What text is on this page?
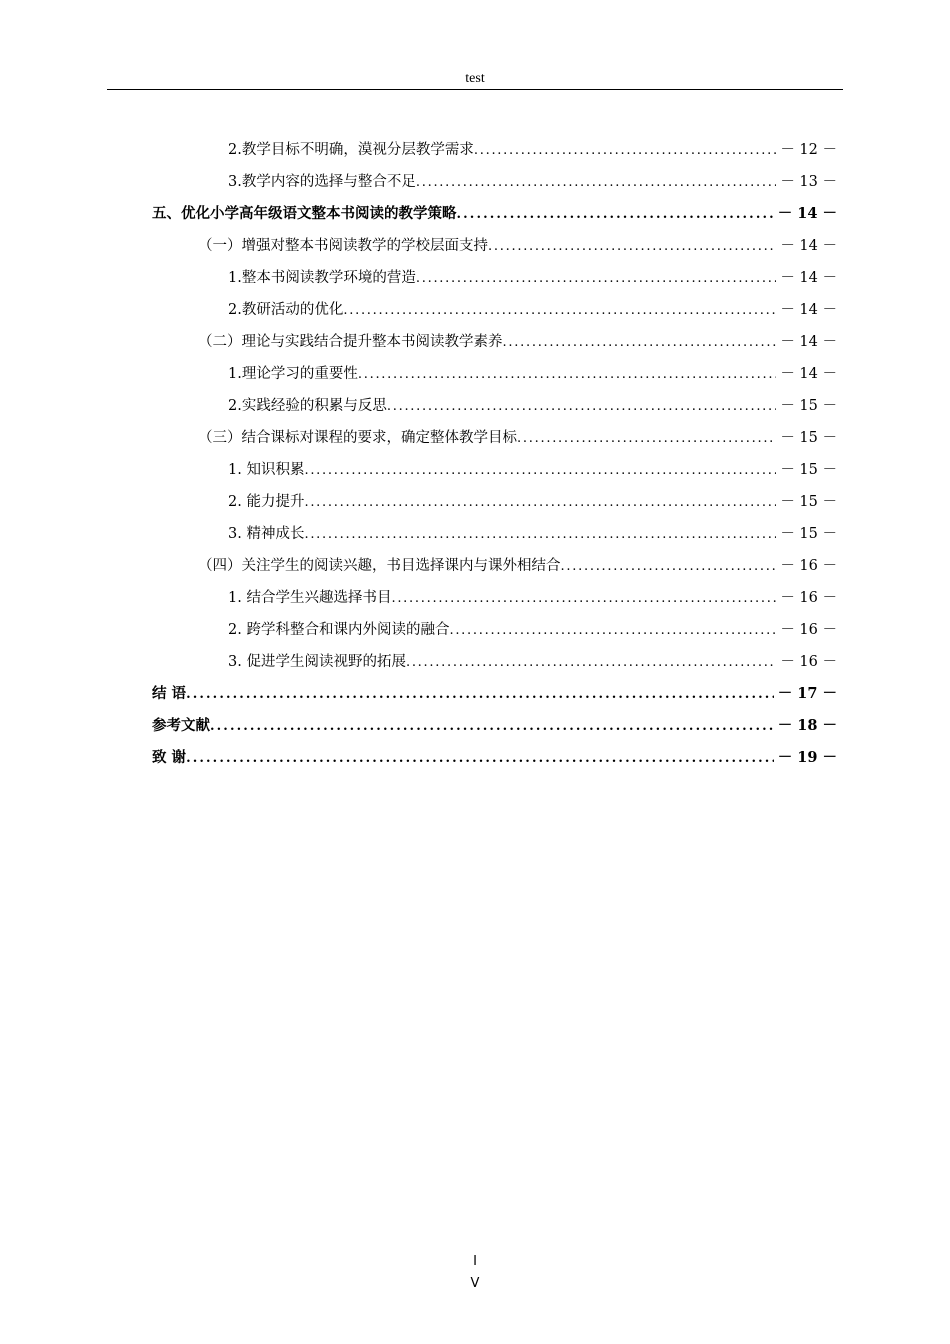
test
2.教学目标不明确，漠视分层教学需求 . . .	－ 12 －
3.教学内容的选择与整合不足 . . .	－ 13 －
五、优化小学高年级语文整本书阅读的教学策略 . . .	－ 14 －
（一）增强对整本书阅读教学的学校层面支持 . . .	－ 14 －
1.整本书阅读教学环境的营造 . . .	－ 14 －
2.教研活动的优化 . . .	－ 14 －
（二）理论与实践结合提升整本书阅读教学素养 . . .	－ 14 －
1.理论学习的重要性 . . .	－ 14 －
2.实践经验的积累与反思 . . .	－ 15 －
（三）结合课标对课程的要求，确定整体教学目标 . . .	－ 15 －
1. 知识积累 . . .	－ 15 －
2. 能力提升 . . .	－ 15 －
3. 精神成长 . . .	－ 15 －
（四）关注学生的阅读兴趣，书目选择课内与课外相结合 . . .	－ 16 －
1. 结合学生兴趣选择书目 . . .	－ 16 －
2. 跨学科整合和课内外阅读的融合 . . .	－ 16 －
3. 促进学生阅读视野的拓展 . . .	－ 16 －
结 语 . . .	－ 17 －
参考文献 . . .	－ 18 －
致 谢 . . .	－ 19 －
I
V
